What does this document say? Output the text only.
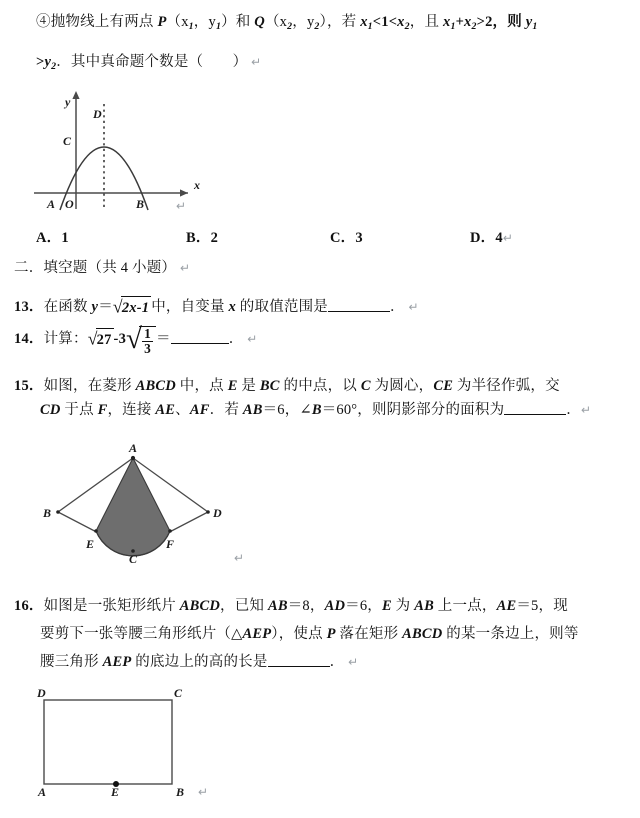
④抛物线上有两点 $P(x_1$，$y_1$）和 $Q(x_2$，$y_2$），若 $x_1<1<x_2$，且 $x_1+x_2>2$，则 $y_1$
$>y_2$．其中真命题个数是（　　） ↵
y
x
O
A	B
C
D
↵
A．1	B．2	C．3	D．4↵
二．填空题（共 4 小题） ↵
13．在函数 y＝√2x-1 中，自变量 x 的取值范围是	． ↵
14．计算：√27 $-3√ \frac{1}{3}$ ＝	． ↵
15．如图，在菱形 ABCD 中，点 E 是 BC 的中点，以 C 为圆心，CE 为半径作弧，交
CD 于点 F，连接 AE、AF．若 AB＝6，∠B＝60°，则阴影部分的面积为	．↵
A
B
C
D
E	F
↵
16．如图是一张矩形纸片 ABCD，已知 AB＝8，AD＝6，E 为 AB 上一点，AE＝5，现
要剪下一张等腰三角形纸片（△AEP），使点 P 落在矩形 ABCD 的某一条边上，则等
腰三角形 AEP 的底边上的高的长是	． ↵
A	B
C
D
E	↵
